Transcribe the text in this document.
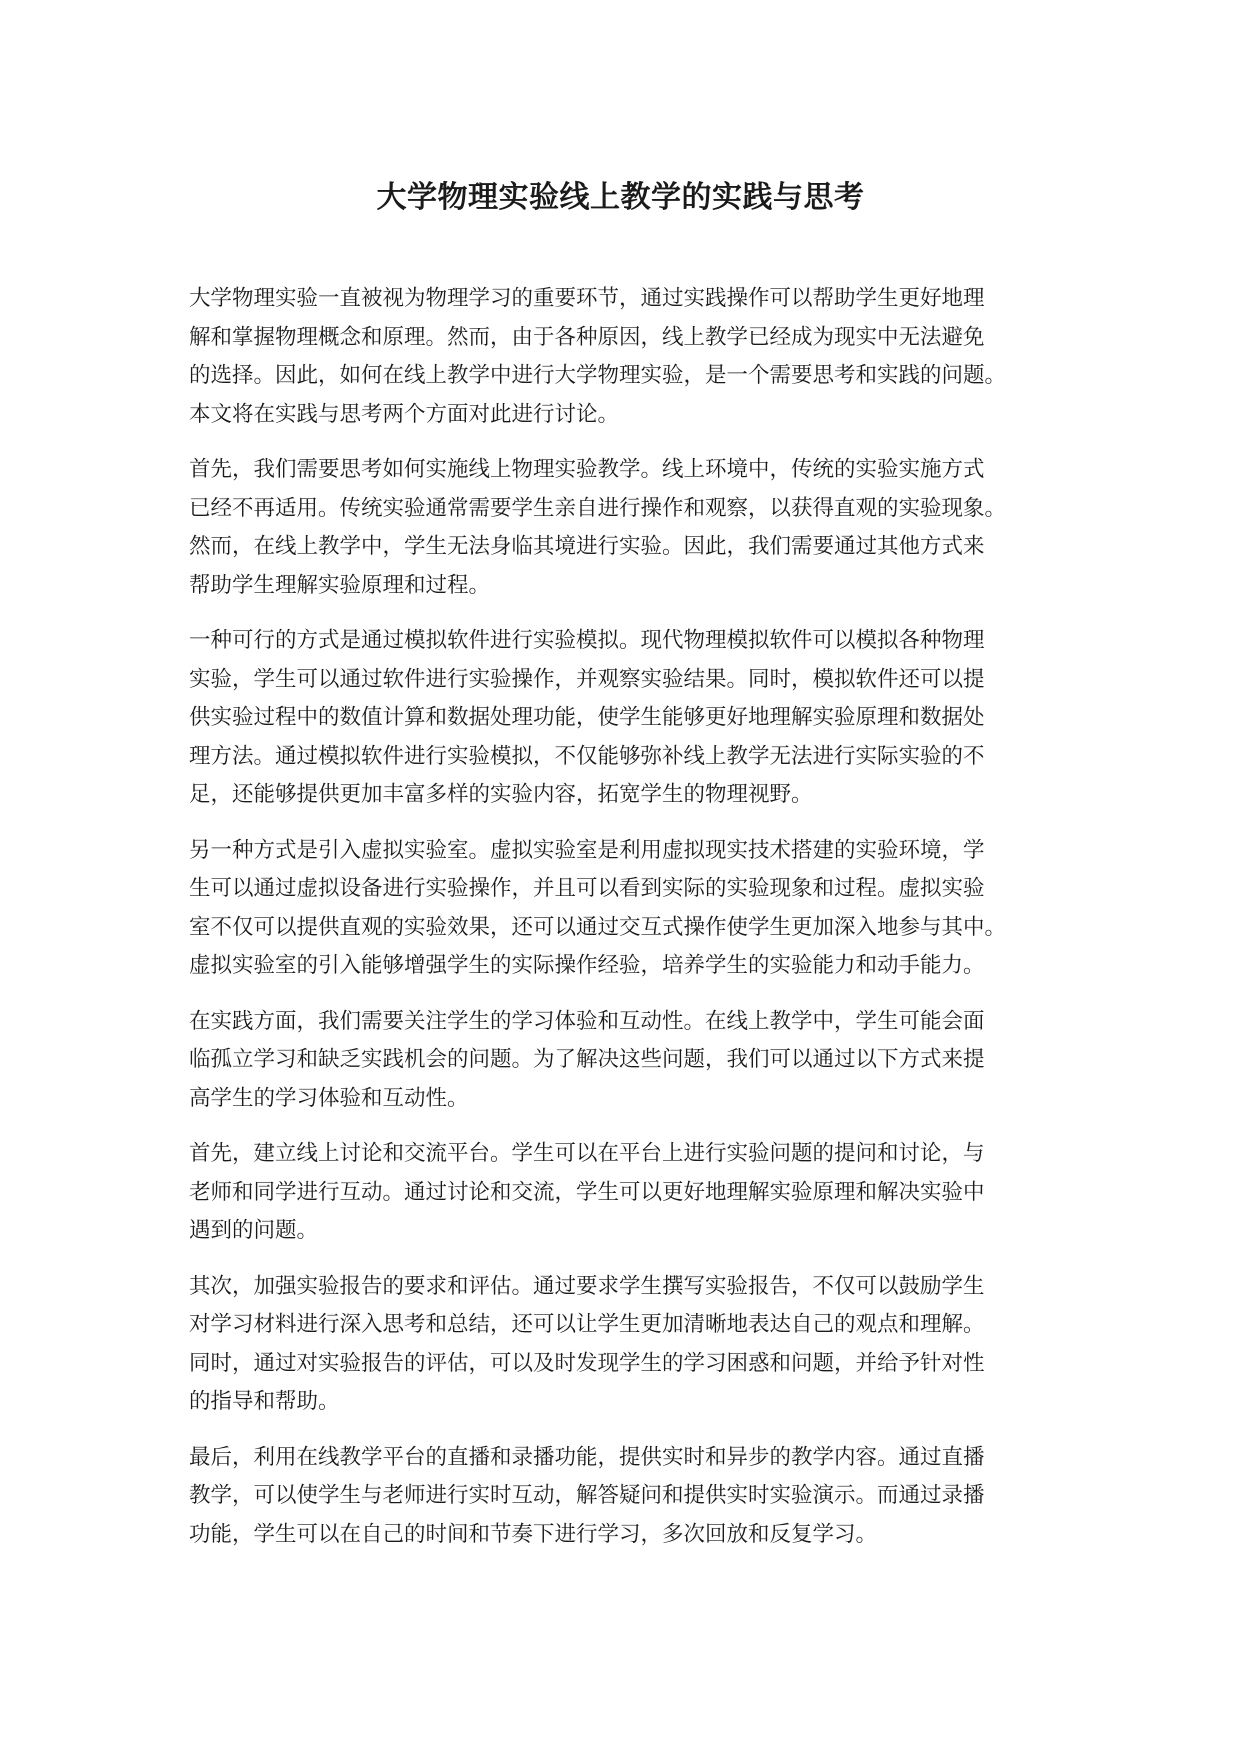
大学物理实验线上教学的实践与思考

大学物理实验一直被视为物理学习的重要环节，通过实践操作可以帮助学生更好地理
解和掌握物理概念和原理。然而，由于各种原因，线上教学已经成为现实中无法避免
的选择。因此，如何在线上教学中进行大学物理实验，是一个需要思考和实践的问题。
本文将在实践与思考两个方面对此进行讨论。

首先，我们需要思考如何实施线上物理实验教学。线上环境中，传统的实验实施方式
已经不再适用。传统实验通常需要学生亲自进行操作和观察，以获得直观的实验现象。
然而，在线上教学中，学生无法身临其境进行实验。因此，我们需要通过其他方式来
帮助学生理解实验原理和过程。

一种可行的方式是通过模拟软件进行实验模拟。现代物理模拟软件可以模拟各种物理
实验，学生可以通过软件进行实验操作，并观察实验结果。同时，模拟软件还可以提
供实验过程中的数值计算和数据处理功能，使学生能够更好地理解实验原理和数据处
理方法。通过模拟软件进行实验模拟，不仅能够弥补线上教学无法进行实际实验的不
足，还能够提供更加丰富多样的实验内容，拓宽学生的物理视野。

另一种方式是引入虚拟实验室。虚拟实验室是利用虚拟现实技术搭建的实验环境，学
生可以通过虚拟设备进行实验操作，并且可以看到实际的实验现象和过程。虚拟实验
室不仅可以提供直观的实验效果，还可以通过交互式操作使学生更加深入地参与其中。
虚拟实验室的引入能够增强学生的实际操作经验，培养学生的实验能力和动手能力。

在实践方面，我们需要关注学生的学习体验和互动性。在线上教学中，学生可能会面
临孤立学习和缺乏实践机会的问题。为了解决这些问题，我们可以通过以下方式来提
高学生的学习体验和互动性。

首先，建立线上讨论和交流平台。学生可以在平台上进行实验问题的提问和讨论，与
老师和同学进行互动。通过讨论和交流，学生可以更好地理解实验原理和解决实验中
遇到的问题。

其次，加强实验报告的要求和评估。通过要求学生撰写实验报告，不仅可以鼓励学生
对学习材料进行深入思考和总结，还可以让学生更加清晰地表达自己的观点和理解。
同时，通过对实验报告的评估，可以及时发现学生的学习困惑和问题，并给予针对性
的指导和帮助。

最后，利用在线教学平台的直播和录播功能，提供实时和异步的教学内容。通过直播
教学，可以使学生与老师进行实时互动，解答疑问和提供实时实验演示。而通过录播
功能，学生可以在自己的时间和节奏下进行学习，多次回放和反复学习。
